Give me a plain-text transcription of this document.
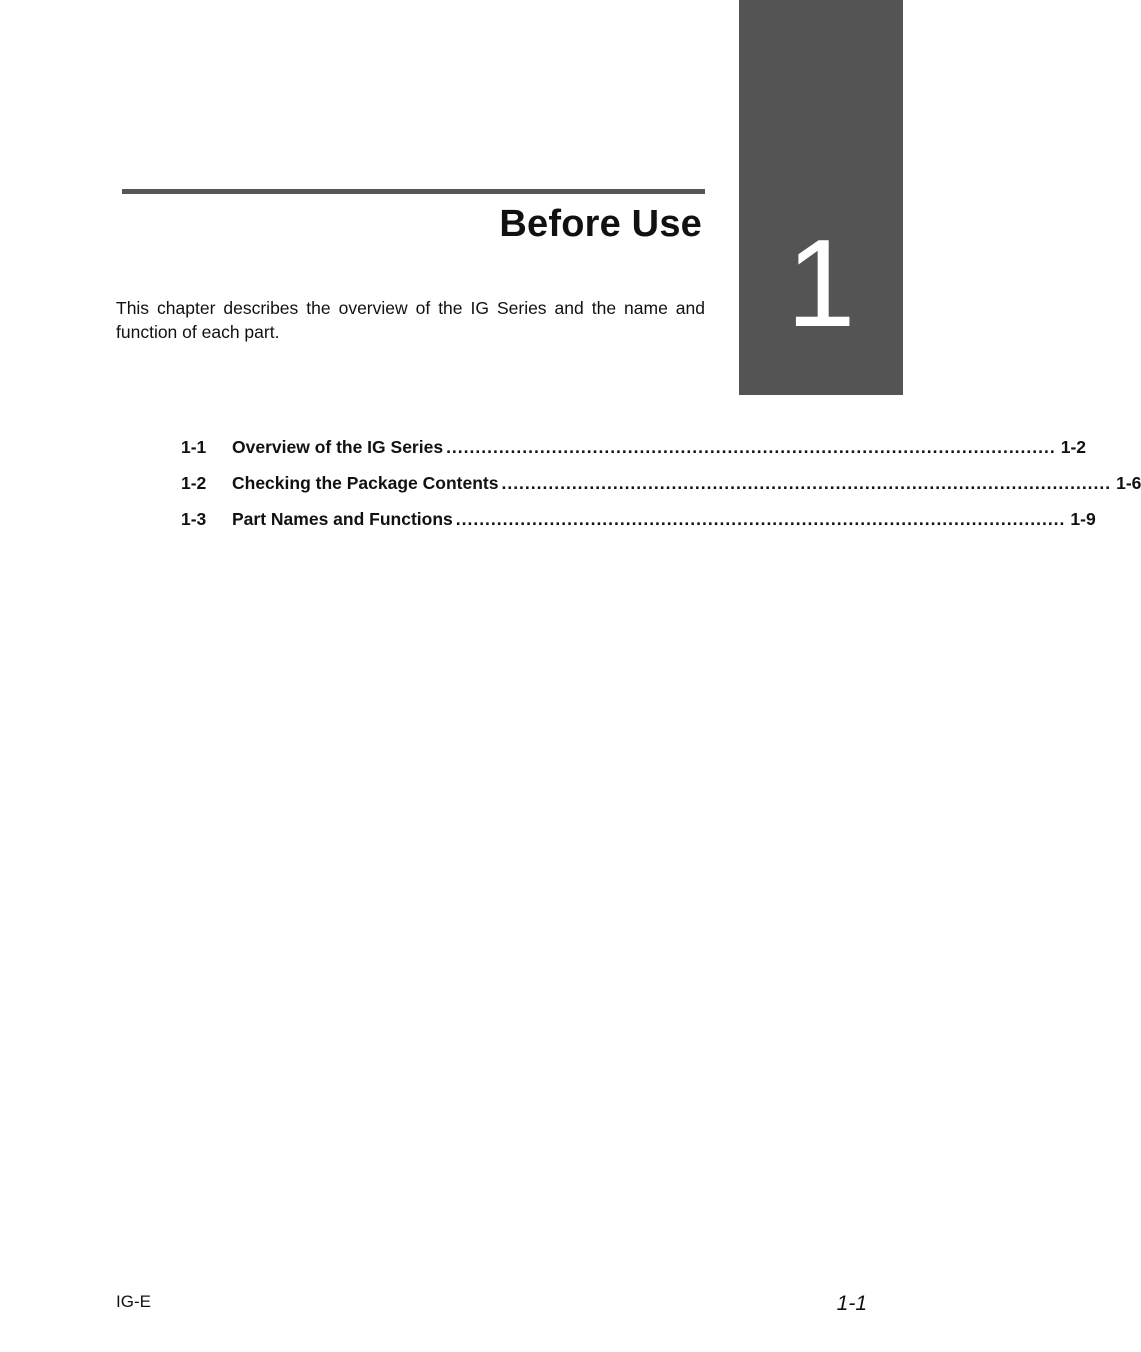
1
Before Use

This chapter describes the overview of the IG Series and the name and function of each part.

1-1	Overview of the IG Series ........................................................................................................ 1-2
1-2	Checking the Package Contents ........................................................................................................ 1-6
1-3	Part Names and Functions ........................................................................................................ 1-9
IG-E	1-1
